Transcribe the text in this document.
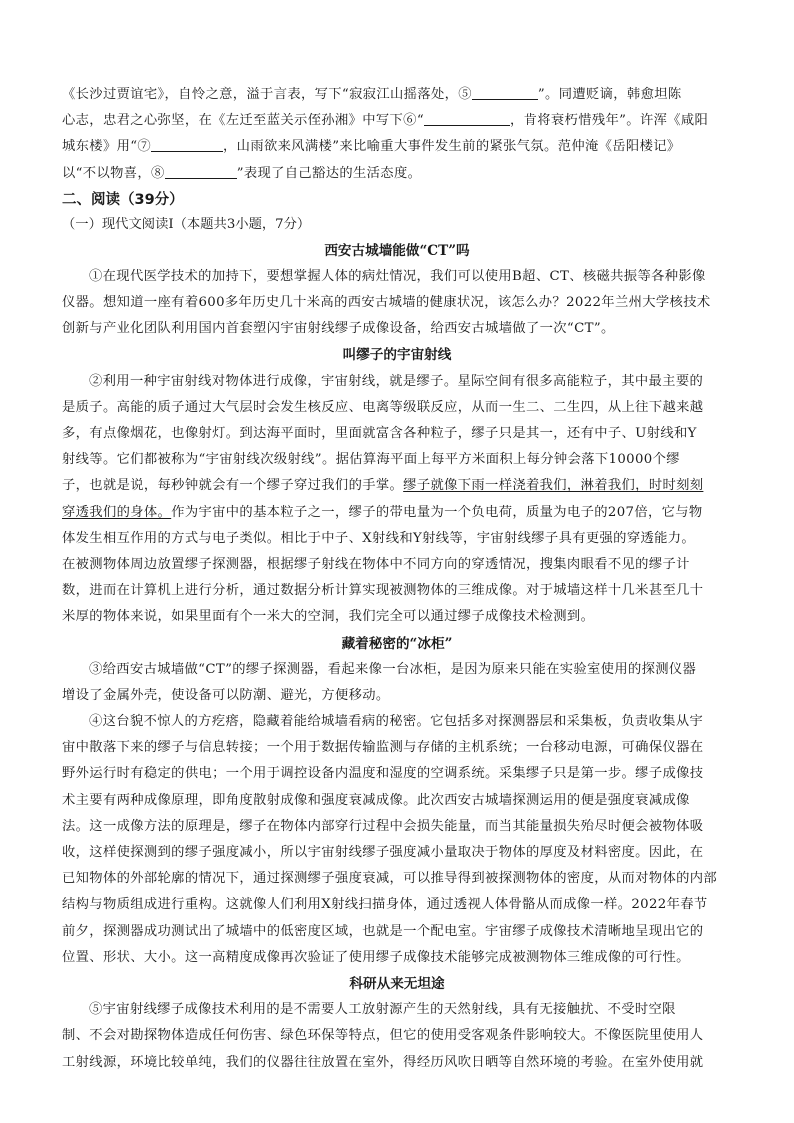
《长沙过贾谊宅》，自怜之意，溢于言表，写下“寂寂江山摇落处，⑤	”。同遭贬谪，韩愈坦陈
心志，忠君之心弥坚，在《左迁至蓝关示侄孙湘》中写下⑥“	，肯将衰朽惜残年”。许浑《咸阳
城东楼》用“⑦	，山雨欲来风满楼”来比喻重大事件发生前的紧张气氛。范仲淹《岳阳楼记》
以“不以物喜，⑧	”表现了自己豁达的生活态度。
二、阅读（39分）
（一）现代文阅读Ⅰ（本题共3小题，7分）
西安古城墙能做“CT”吗
①在现代医学技术的加持下，要想掌握人体的病灶情况，我们可以使用B超、CT、核磁共振等各种影像
仪器。想知道一座有着600多年历史几十米高的西安古城墙的健康状况，该怎么办？2022年兰州大学核技术
创新与产业化团队利用国内首套塑闪宇宙射线缪子成像设备，给西安古城墙做了一次“CT”。
叫缪子的宇宙射线
②利用一种宇宙射线对物体进行成像，宇宙射线，就是缪子。星际空间有很多高能粒子，其中最主要的
是质子。高能的质子通过大气层时会发生核反应、电离等级联反应，从而一生二、二生四，从上往下越来越
多，有点像烟花，也像射灯。到达海平面时，里面就富含各种粒子，缪子只是其一，还有中子、U射线和Y
射线等。它们都被称为“宇宙射线次级射线”。据估算海平面上每平方米面积上每分钟会落下10000个缪
子，也就是说，每秒钟就会有一个缪子穿过我们的手掌。缪子就像下雨一样浇着我们，淋着我们，时时刻刻
穿透我们的身体。作为宇宙中的基本粒子之一，缪子的带电量为一个负电荷，质量为电子的207倍，它与物
体发生相互作用的方式与电子类似。相比于中子、X射线和Y射线等，宇宙射线缪子具有更强的穿透能力。
在被测物体周边放置缪子探测器，根据缪子射线在物体中不同方向的穿透情况，搜集肉眼看不见的缪子计
数，进而在计算机上进行分析，通过数据分析计算实现被测物体的三维成像。对于城墙这样十几米甚至几十
米厚的物体来说，如果里面有个一米大的空洞，我们完全可以通过缪子成像技术检测到。
藏着秘密的“冰柜”
③给西安古城墙做“CT”的缪子探测器，看起来像一台冰柜，是因为原来只能在实验室使用的探测仪器
增设了金属外壳，使设备可以防潮、避光，方便移动。
④这台貌不惊人的方疙瘩，隐藏着能给城墙看病的秘密。它包括多对探测器层和采集板，负责收集从宇
宙中散落下来的缪子与信息转接；一个用于数据传输监测与存储的主机系统；一台移动电源，可确保仪器在
野外运行时有稳定的供电；一个用于调控设备内温度和湿度的空调系统。采集缪子只是第一步。缪子成像技
术主要有两种成像原理，即角度散射成像和强度衰减成像。此次西安古城墙探测运用的便是强度衰减成像
法。这一成像方法的原理是，缪子在物体内部穿行过程中会损失能量，而当其能量损失殆尽时便会被物体吸
收，这样使探测到的缪子强度减小，所以宇宙射线缪子强度减小量取决于物体的厚度及材料密度。因此，在
已知物体的外部轮廓的情况下，通过探测缪子强度衰减，可以推导得到被探测物体的密度，从而对物体的内部
结构与物质组成进行重构。这就像人们利用X射线扫描身体，通过透视人体骨骼从而成像一样。2022年春节
前夕，探测器成功测试出了城墙中的低密度区域，也就是一个配电室。宇宙缪子成像技术清晰地呈现出它的
位置、形状、大小。这一高精度成像再次验证了使用缪子成像技术能够完成被测物体三维成像的可行性。
科研从来无坦途
⑤宇宙射线缪子成像技术利用的是不需要人工放射源产生的天然射线，具有无接触扰、不受时空限
制、不会对勘探物体造成任何伤害、绿色环保等特点，但它的使用受客观条件影响较大。不像医院里使用人
工射线源，环境比较单纯，我们的仪器往往放置在室外，得经历风吹日晒等自然环境的考验。在室外使用就
